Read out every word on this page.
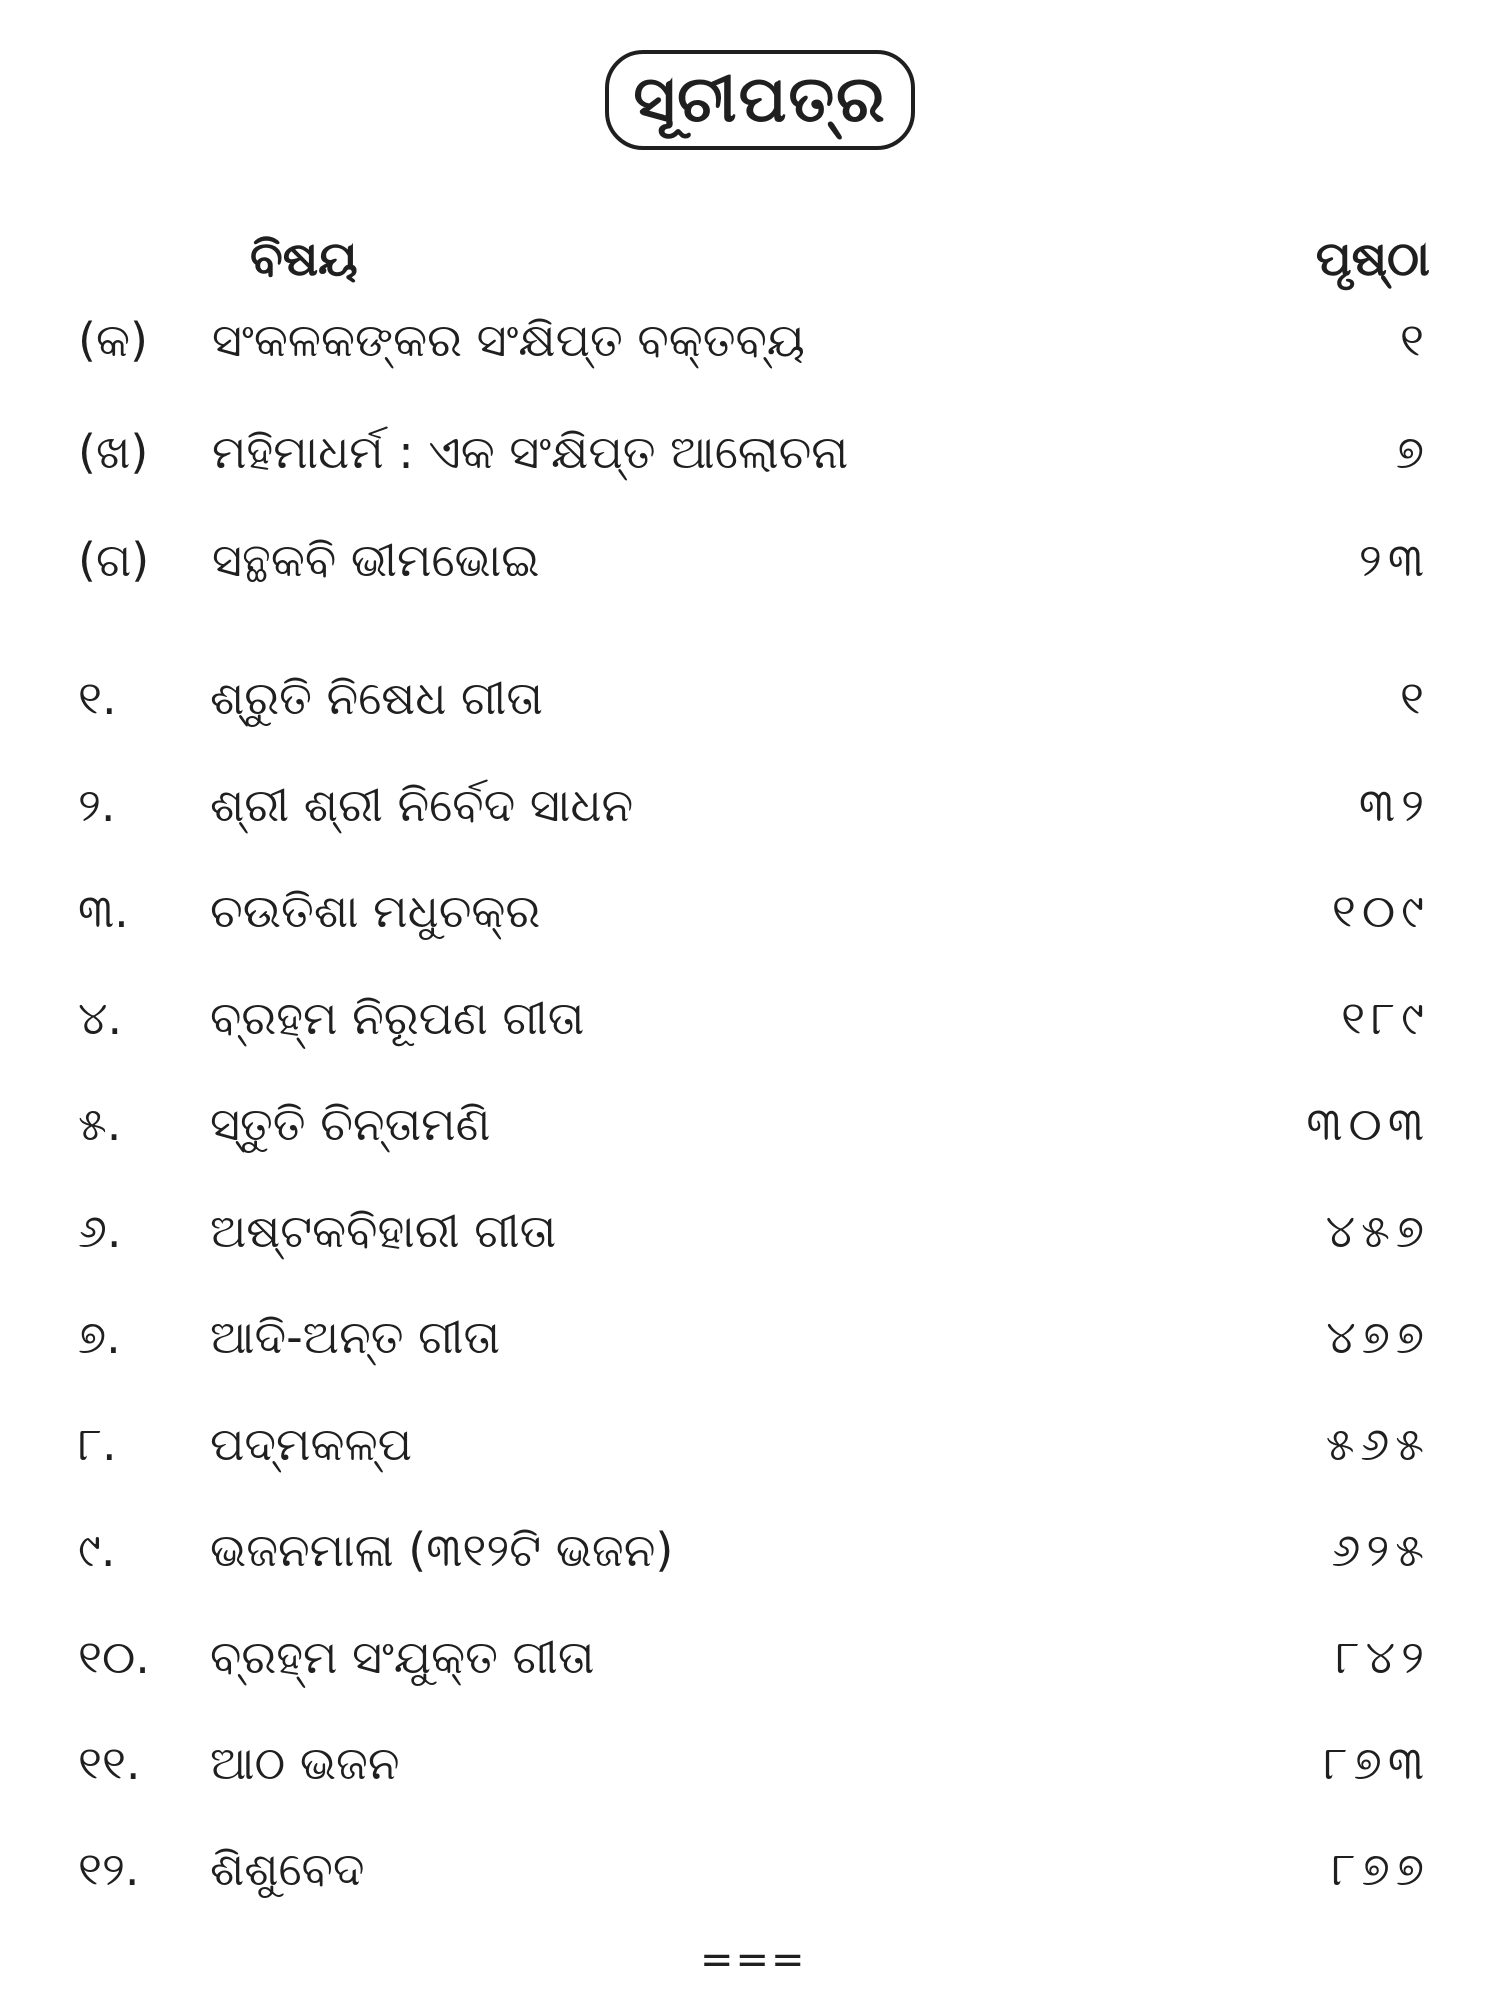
ସୂଚୀପତ୍ର
ବିଷୟ	ପୃଷ୍ଠା
(କ) ସଂକଳକଙ୍କର ସଂକ୍ଷିପ୍ତ ବକ୍ତବ୍ୟ	୧
(ଖ) ମହିମାଧର୍ମ : ଏକ ସଂକ୍ଷିପ୍ତ ଆଲୋଚନା	୭
(ଗ) ସନ୍ଥକବି ଭୀମଭୋଇ	୨୩
୧. ଶ୍ରୁତି ନିଷେଧ ଗୀତା	୧
୨. ଶ୍ରୀ ଶ୍ରୀ ନିର୍ବେଦ ସାଧନ	୩୨
୩. ଚଉତିଶା ମଧୁଚକ୍ର	୧୦୯
୪. ବ୍ରହ୍ମ ନିରୂପଣ ଗୀତା	୧୮୯
୫. ସ୍ତୁତି ଚିନ୍ତାମଣି	୩୦୩
୬. ଅଷ୍ଟକବିହାରୀ ଗୀତା	୪୫୭
୭. ଆଦି-ଅନ୍ତ ଗୀତା	୪୭୭
୮. ପଦ୍ମକଳ୍ପ	୫୬୫
୯. ଭଜନମାଳା (୩୧୨ଟି ଭଜନ)	୬୨୫
୧୦. ବ୍ରହ୍ମ ସଂଯୁକ୍ତ ଗୀତା	୮୪୨
୧୧. ଆଠ ଭଜନ	୮୭୩
୧୨. ଶିଶୁବେଦ	୮୭୭
===
